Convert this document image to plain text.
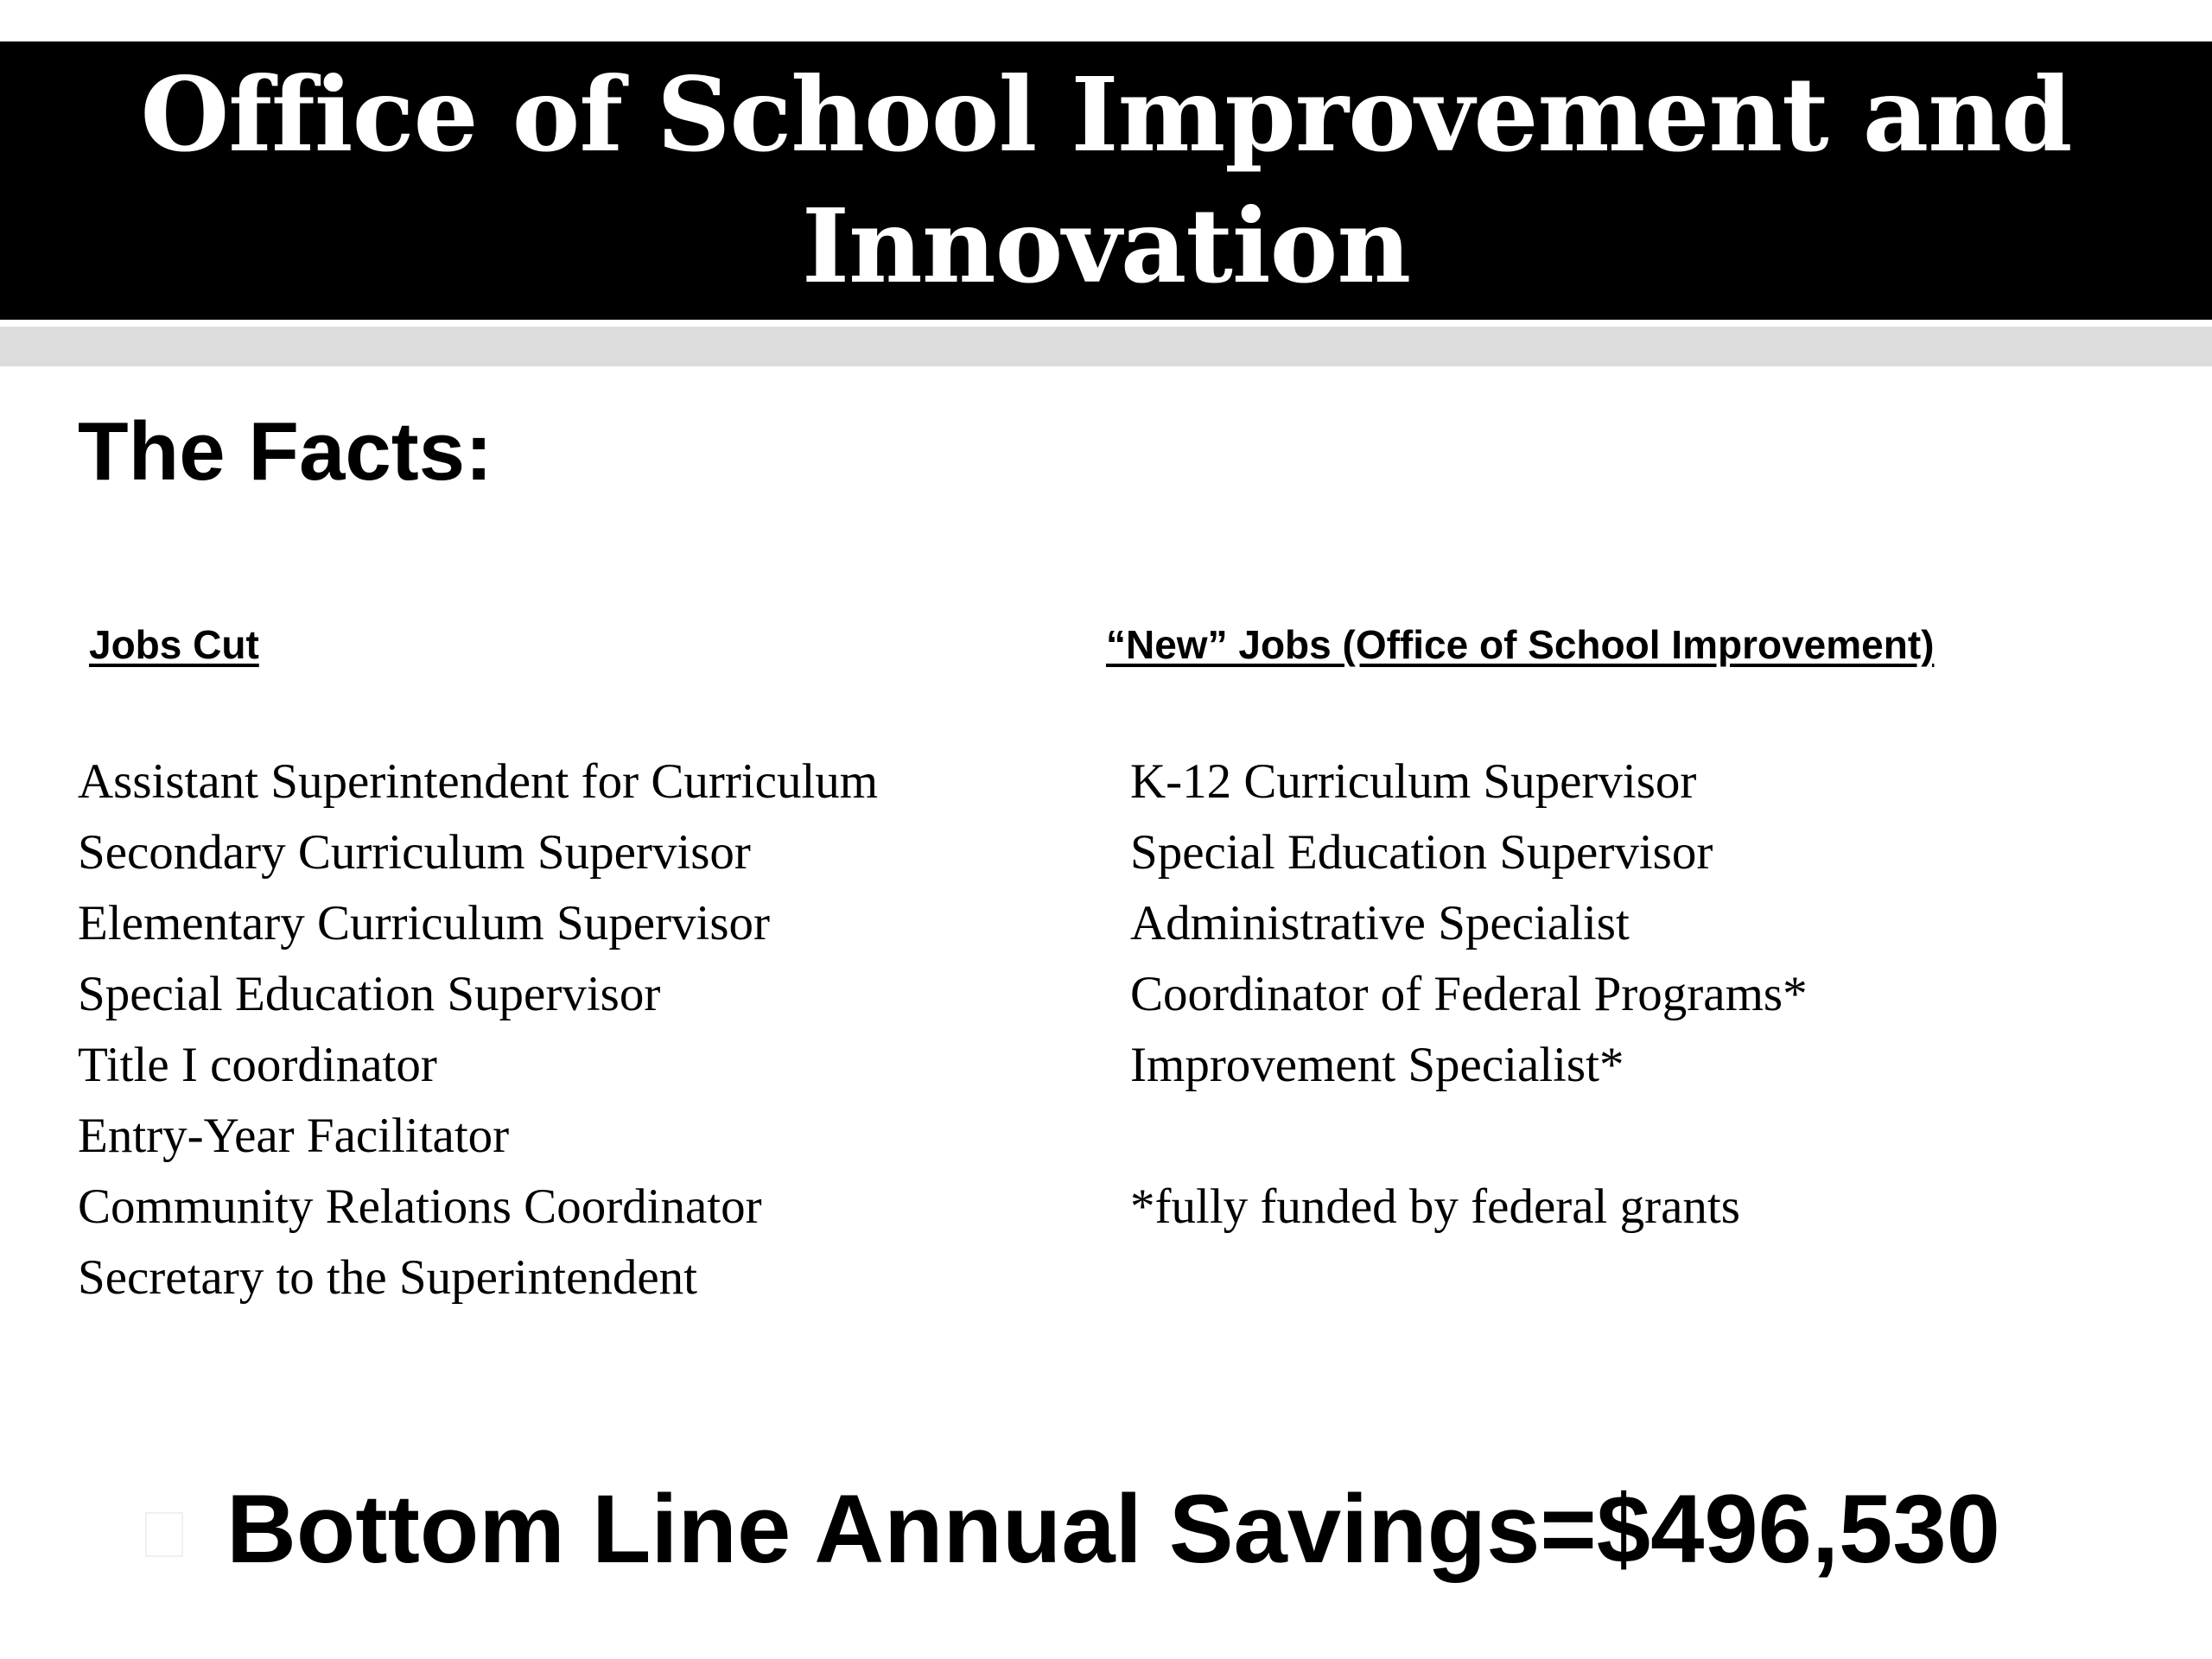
Office of School Improvement and
Innovation
The Facts:
Jobs Cut	“New” Jobs (Office of School Improvement)
Assistant Superintendent for Curriculum
Secondary Curriculum Supervisor
Elementary Curriculum Supervisor
Special Education Supervisor
Title I coordinator
Entry-Year Facilitator
Community Relations Coordinator
Secretary to the Superintendent
K-12 Curriculum Supervisor
Special Education Supervisor
Administrative Specialist
Coordinator of Federal Programs*
Improvement Specialist*
*fully funded by federal grants
Bottom Line Annual Savings=$496,530
